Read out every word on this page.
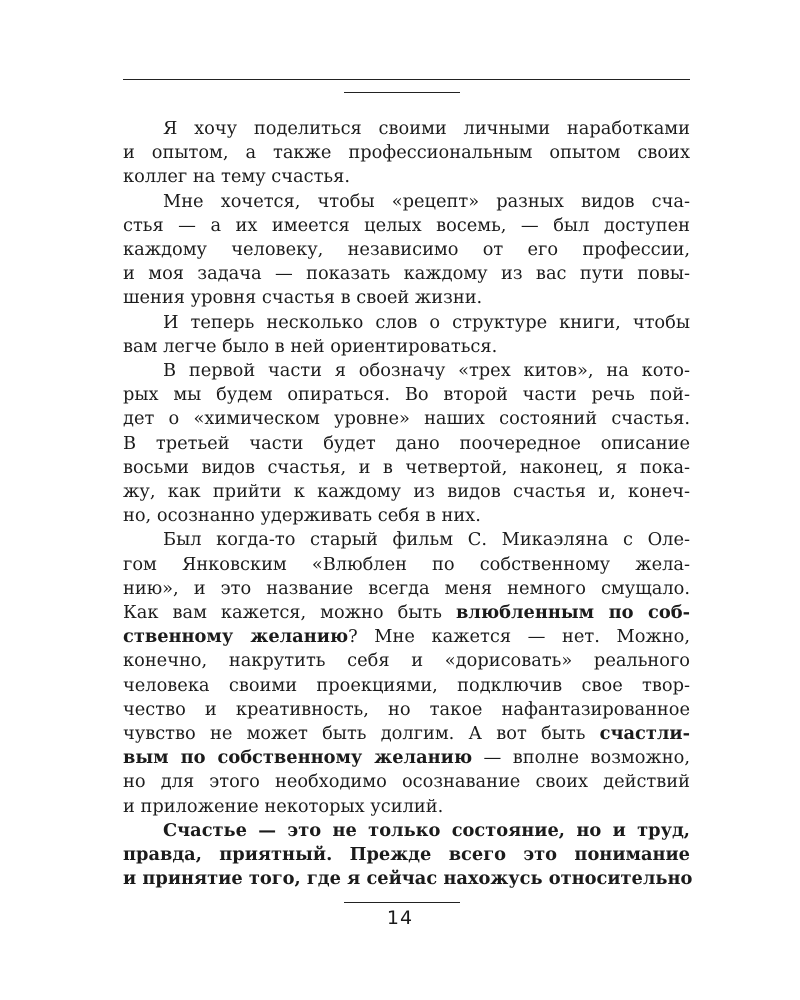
Я хочу поделиться своими личными наработками
и опытом, а также профессиональным опытом своих
коллег на тему счастья.
Мне хочется, чтобы «рецепт» разных видов сча-
стья — а их имеется целых восемь, — был доступен
каждому человеку, независимо от его профессии,
и моя задача — показать каждому из вас пути повы-
шения уровня счастья в своей жизни.
И теперь несколько слов о структуре книги, чтобы
вам легче было в ней ориентироваться.
В первой части я обозначу «трех китов», на кото-
рых мы будем опираться. Во второй части речь пой-
дет о «химическом уровне» наших состояний счастья.
В третьей части будет дано поочередное описание
восьми видов счастья, и в четвертой, наконец, я пока-
жу, как прийти к каждому из видов счастья и, конеч-
но, осознанно удерживать себя в них.
Был когда-то старый фильм С. Микаэляна с Оле-
гом Янковским «Влюблен по собственному жела-
нию», и это название всегда меня немного смущало.
Как вам кажется, можно быть влюбленным по соб-
ственному желанию? Мне кажется — нет. Можно,
конечно, накрутить себя и «дорисовать» реального
человека своими проекциями, подключив свое твор-
чество и креативность, но такое нафантазированное
чувство не может быть долгим. А вот быть счастли-
вым по собственному желанию — вполне возможно,
но для этого необходимо осознавание своих действий
и приложение некоторых усилий.
Счастье — это не только состояние, но и труд,
правда, приятный. Прежде всего это понимание
и принятие того, где я сейчас нахожусь относительно
14
